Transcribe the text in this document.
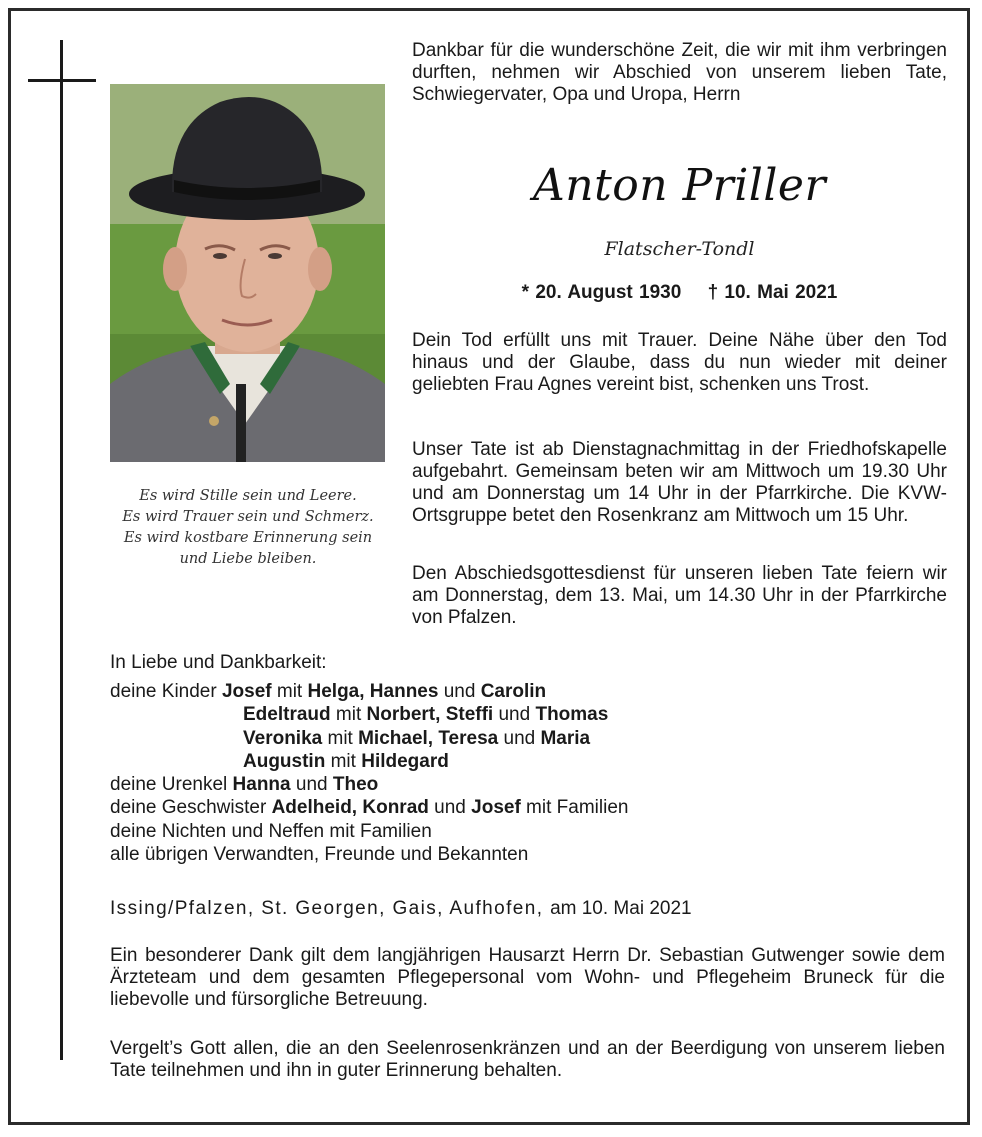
Es wird Stille sein und Leere.
Es wird Trauer sein und Schmerz.
Es wird kostbare Erinnerung sein
und Liebe bleiben.
Dankbar für die wunderschöne Zeit, die wir mit ihm verbringen durften, nehmen wir Abschied von unserem lieben Tate, Schwiegervater, Opa und Uropa, Herrn
Anton Priller
Flatscher-Tondl
* 20. August 1930 † 10. Mai 2021
Dein Tod erfüllt uns mit Trauer. Deine Nähe über den Tod hinaus und der Glaube, dass du nun wieder mit deiner geliebten Frau Agnes vereint bist, schenken uns Trost.
Unser Tate ist ab Dienstagnachmittag in der Friedhofskapelle aufgebahrt. Gemeinsam beten wir am Mittwoch um 19.30 Uhr und am Donnerstag um 14 Uhr in der Pfarrkirche. Die KVW-Ortsgruppe betet den Rosenkranz am Mittwoch um 15 Uhr.
Den Abschiedsgottesdienst für unseren lieben Tate feiern wir am Donnerstag, dem 13. Mai, um 14.30 Uhr in der Pfarrkirche von Pfalzen.
In Liebe und Dankbarkeit:
deine Kinder Josef mit Helga, Hannes und Carolin
Edeltraud mit Norbert, Steffi und Thomas
Veronika mit Michael, Teresa und Maria
Augustin mit Hildegard
deine Urenkel Hanna und Theo
deine Geschwister Adelheid, Konrad und Josef mit Familien
deine Nichten und Neffen mit Familien
alle übrigen Verwandten, Freunde und Bekannten
Issing/Pfalzen, St. Georgen, Gais, Aufhofen, am 10. Mai 2021
Ein besonderer Dank gilt dem langjährigen Hausarzt Herrn Dr. Sebastian Gutwenger sowie dem Ärzteteam und dem gesamten Pflegepersonal vom Wohn- und Pflegeheim Bruneck für die liebevolle und fürsorgliche Betreuung.
Vergelt’s Gott allen, die an den Seelenrosenkränzen und an der Beerdigung von unserem lieben Tate teilnehmen und ihn in guter Erinnerung behalten.
